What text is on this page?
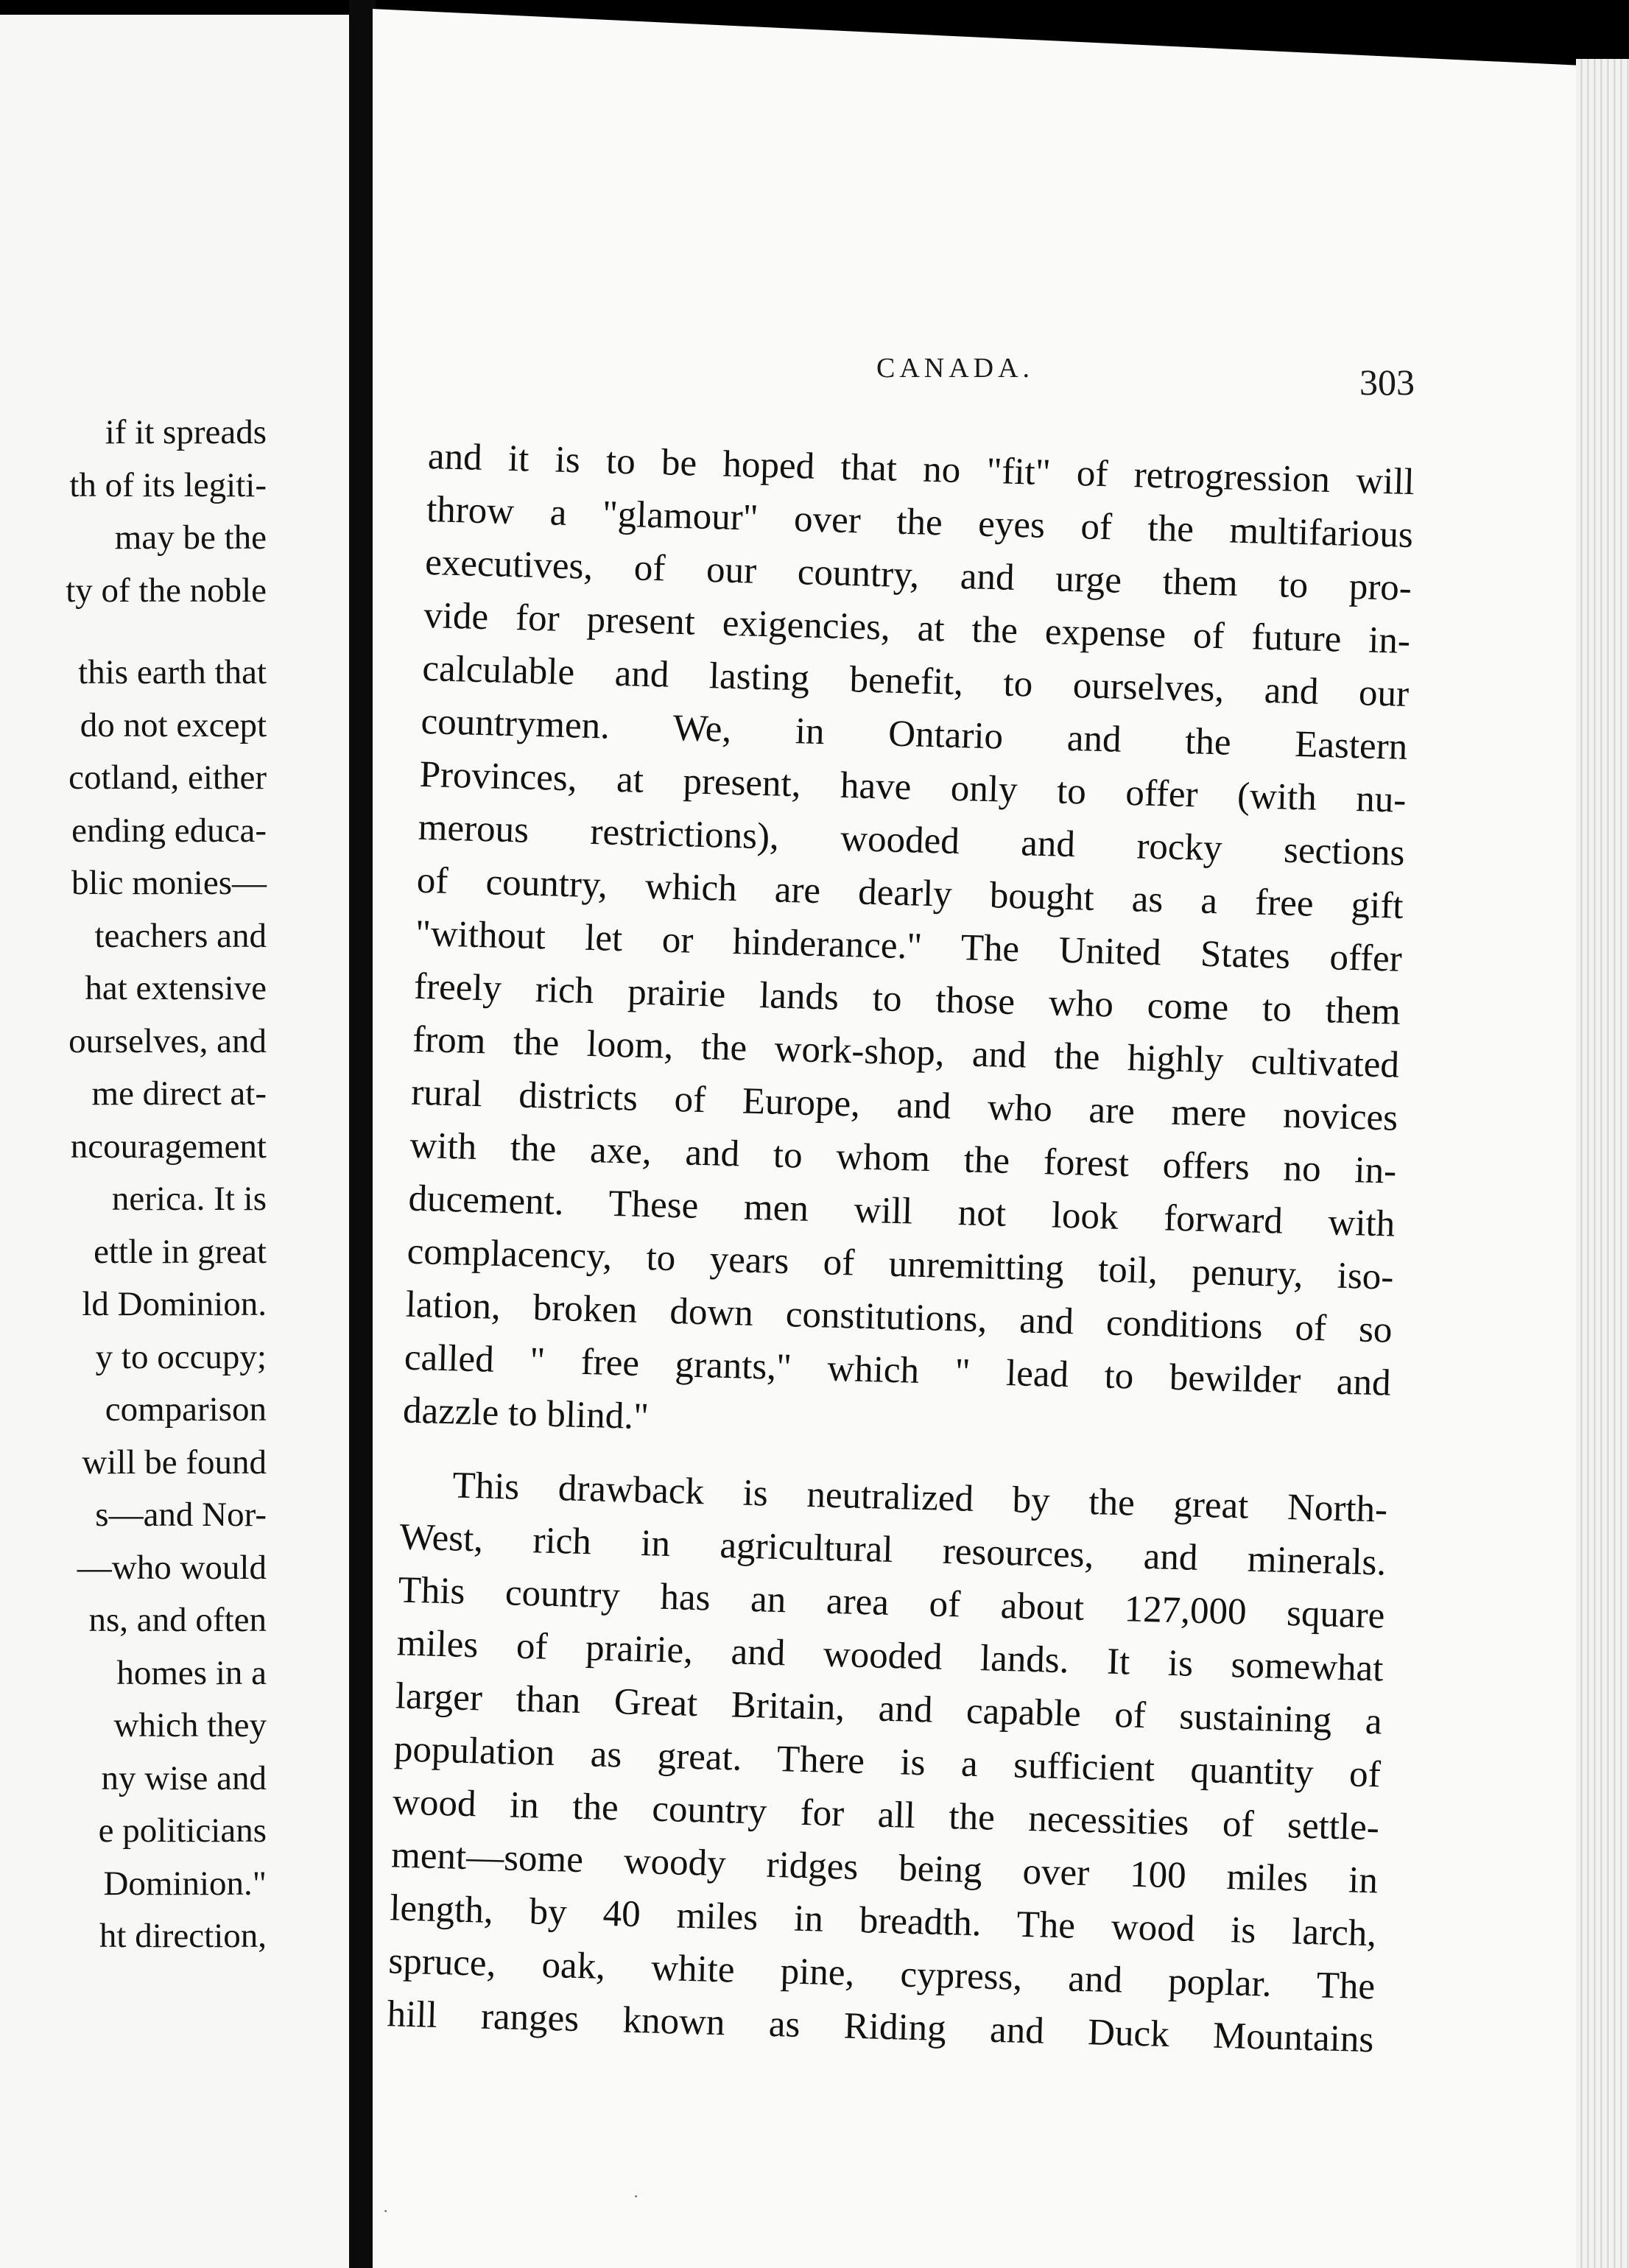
if it spreads
th of its legiti-
may be the
ty of the noble
this earth that
do not except
cotland, either
ending educa-
blic monies—
teachers and
hat extensive
ourselves, and
me direct at-
ncouragement
nerica. It is
ettle in great
ld Dominion.
y to occupy;
comparison
will be found
s—and Nor-
—who would
ns, and often
homes in a
which they
ny wise and
e politicians
Dominion."
ht direction,
CANADA.	303
and it is to be hoped that no "fit" of retrogression will
throw a "glamour" over the eyes of the multifarious
executives, of our country, and urge them to pro-
vide for present exigencies, at the expense of future in-
calculable and lasting benefit, to ourselves, and our
countrymen. We, in Ontario and the Eastern
Provinces, at present, have only to offer (with nu-
merous restrictions), wooded and rocky sections
of country, which are dearly bought as a free gift
"without let or hinderance." The United States offer
freely rich prairie lands to those who come to them
from the loom, the work-shop, and the highly cultivated
rural districts of Europe, and who are mere novices
with the axe, and to whom the forest offers no in-
ducement. These men will not look forward with
complacency, to years of unremitting toil, penury, iso-
lation, broken down constitutions, and conditions of so
called " free grants," which " lead to bewilder and
dazzle to blind."
This drawback is neutralized by the great North-
West, rich in agricultural resources, and minerals.
This country has an area of about 127,000 square
miles of prairie, and wooded lands. It is somewhat
larger than Great Britain, and capable of sustaining a
population as great. There is a sufficient quantity of
wood in the country for all the necessities of settle-
ment—some woody ridges being over 100 miles in
length, by 40 miles in breadth. The wood is larch,
spruce, oak, white pine, cypress, and poplar. The
hill ranges known as Riding and Duck Mountains
·
·
